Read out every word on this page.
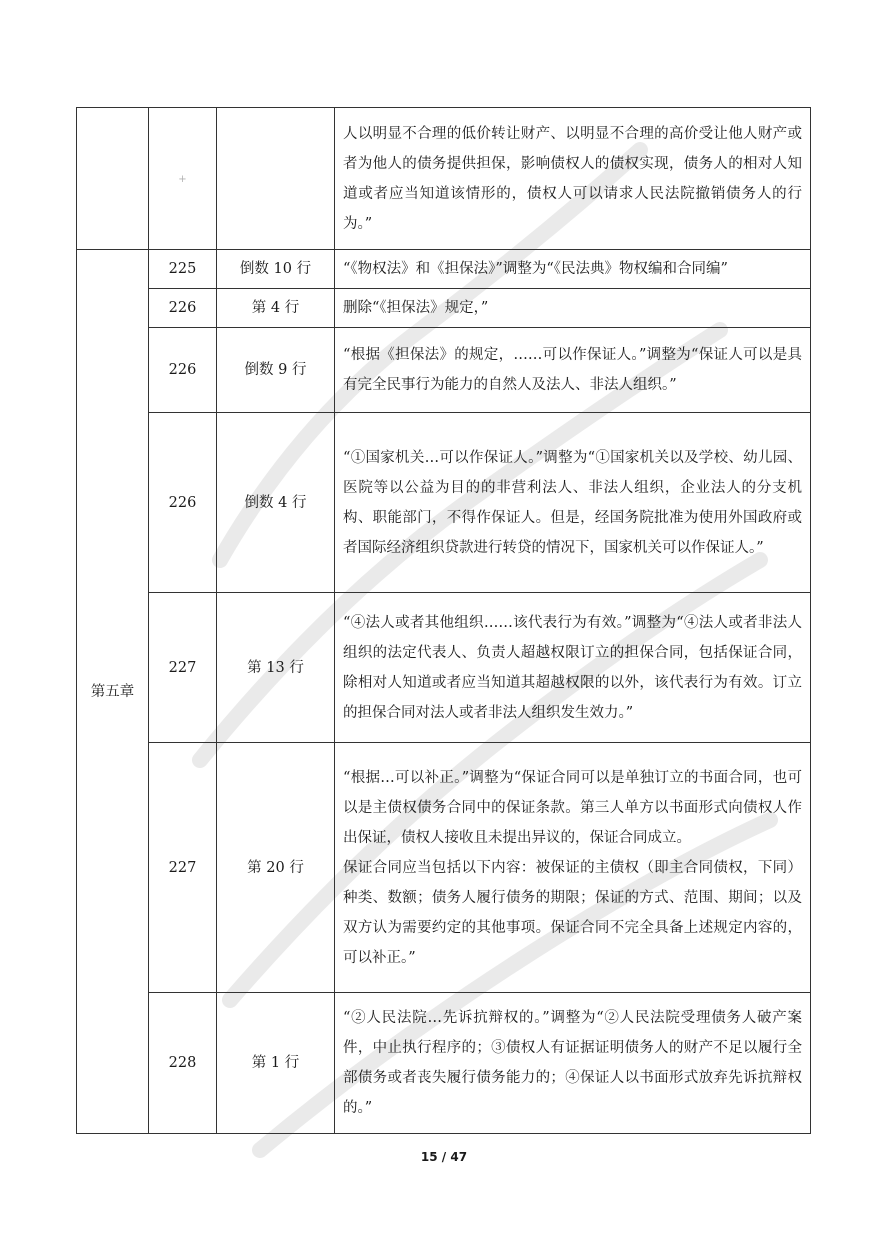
	+		人以明显不合理的低价转让财产、以明显不合理的高价受让他人财产或者为他人的债务提供担保，影响债权人的债权实现，债务人的相对人知道或者应当知道该情形的，债权人可以请求人民法院撤销债务人的行为。”

第五章	225	倒数 10 行	“《物权法》和《担保法》”调整为“《民法典》物权编和合同编”

	226	第 4 行	删除“《担保法》规定，”

	226	倒数 9 行	“根据《担保法》的规定，……可以作保证人。”调整为“保证人可以是具有完全民事行为能力的自然人及法人、非法人组织。”

	226	倒数 4 行	“①国家机关…可以作保证人。”调整为“①国家机关以及学校、幼儿园、医院等以公益为目的的非营利法人、非法人组织，企业法人的分支机构、职能部门，不得作保证人。但是，经国务院批准为使用外国政府或者国际经济组织贷款进行转贷的情况下，国家机关可以作保证人。”

	227	第 13 行	“④法人或者其他组织……该代表行为有效。”调整为“④法人或者非法人组织的法定代表人、负责人超越权限订立的担保合同，包括保证合同，除相对人知道或者应当知道其超越权限的以外，该代表行为有效。订立的担保合同对法人或者非法人组织发生效力。”

	227	第 20 行	“根据…可以补正。”调整为“保证合同可以是单独订立的书面合同，也可以是主债权债务合同中的保证条款。第三人单方以书面形式向债权人作出保证，债权人接收且未提出异议的，保证合同成立。

保证合同应当包括以下内容：被保证的主债权（即主合同债权，下同）种类、数额；债务人履行债务的期限；保证的方式、范围、期间；以及双方认为需要约定的其他事项。保证合同不完全具备上述规定内容的，可以补正。”

	228	第 1 行	“②人民法院…先诉抗辩权的。”调整为“②人民法院受理债务人破产案件，中止执行程序的；③债权人有证据证明债务人的财产不足以履行全部债务或者丧失履行债务能力的；④保证人以书面形式放弃先诉抗辩权的。”

15 / 47
